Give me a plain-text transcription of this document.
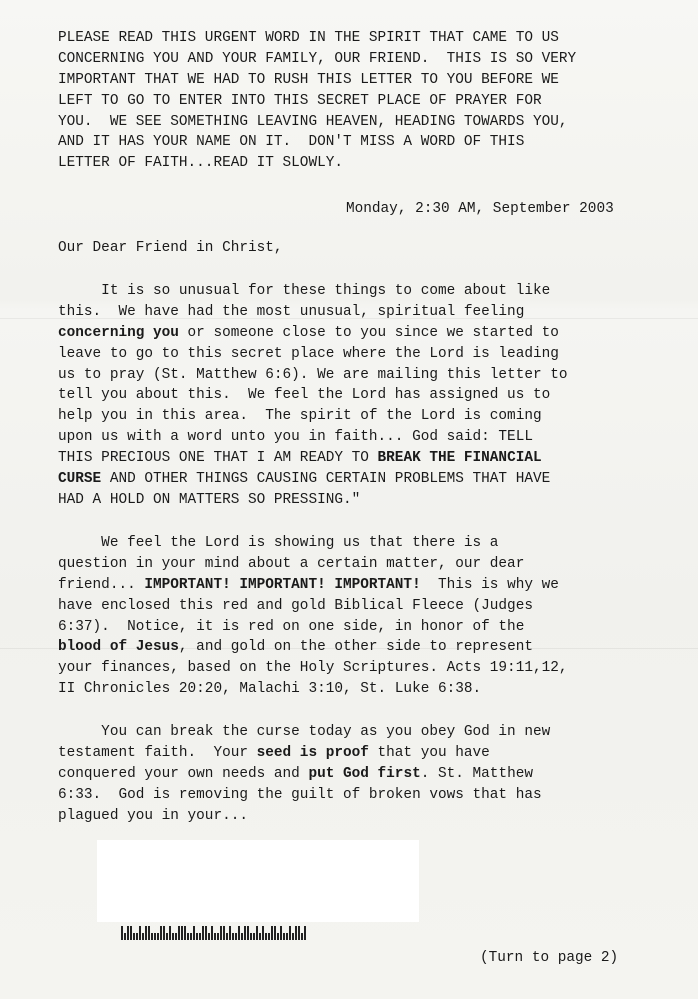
PLEASE READ THIS URGENT WORD IN THE SPIRIT THAT CAME TO US
CONCERNING YOU AND YOUR FAMILY, OUR FRIEND.  THIS IS SO VERY
IMPORTANT THAT WE HAD TO RUSH THIS LETTER TO YOU BEFORE WE
LEFT TO GO TO ENTER INTO THIS SECRET PLACE OF PRAYER FOR
YOU.  WE SEE SOMETHING LEAVING HEAVEN, HEADING TOWARDS YOU,
AND IT HAS YOUR NAME ON IT.  DON'T MISS A WORD OF THIS
LETTER OF FAITH...READ IT SLOWLY.
Monday, 2:30 AM, September 2003
Our Dear Friend in Christ,
It is so unusual for these things to come about like
this.  We have had the most unusual, spiritual feeling
concerning you or someone close to you since we started to
leave to go to this secret place where the Lord is leading
us to pray (St. Matthew 6:6). We are mailing this letter to
tell you about this.  We feel the Lord has assigned us to
help you in this area.  The spirit of the Lord is coming
upon us with a word unto you in faith... God said: TELL
THIS PRECIOUS ONE THAT I AM READY TO BREAK THE FINANCIAL
CURSE AND OTHER THINGS CAUSING CERTAIN PROBLEMS THAT HAVE
HAD A HOLD ON MATTERS SO PRESSING."
We feel the Lord is showing us that there is a
question in your mind about a certain matter, our dear
friend... IMPORTANT! IMPORTANT! IMPORTANT!  This is why we
have enclosed this red and gold Biblical Fleece (Judges
6:37).  Notice, it is red on one side, in honor of the
blood of Jesus, and gold on the other side to represent
your finances, based on the Holy Scriptures. Acts 19:11,12,
II Chronicles 20:20, Malachi 3:10, St. Luke 6:38.
You can break the curse today as you obey God in new
testament faith.  Your seed is proof that you have
conquered your own needs and put God first. St. Matthew
6:33.  God is removing the guilt of broken vows that has
plagued you in your...
(Turn to page 2)
